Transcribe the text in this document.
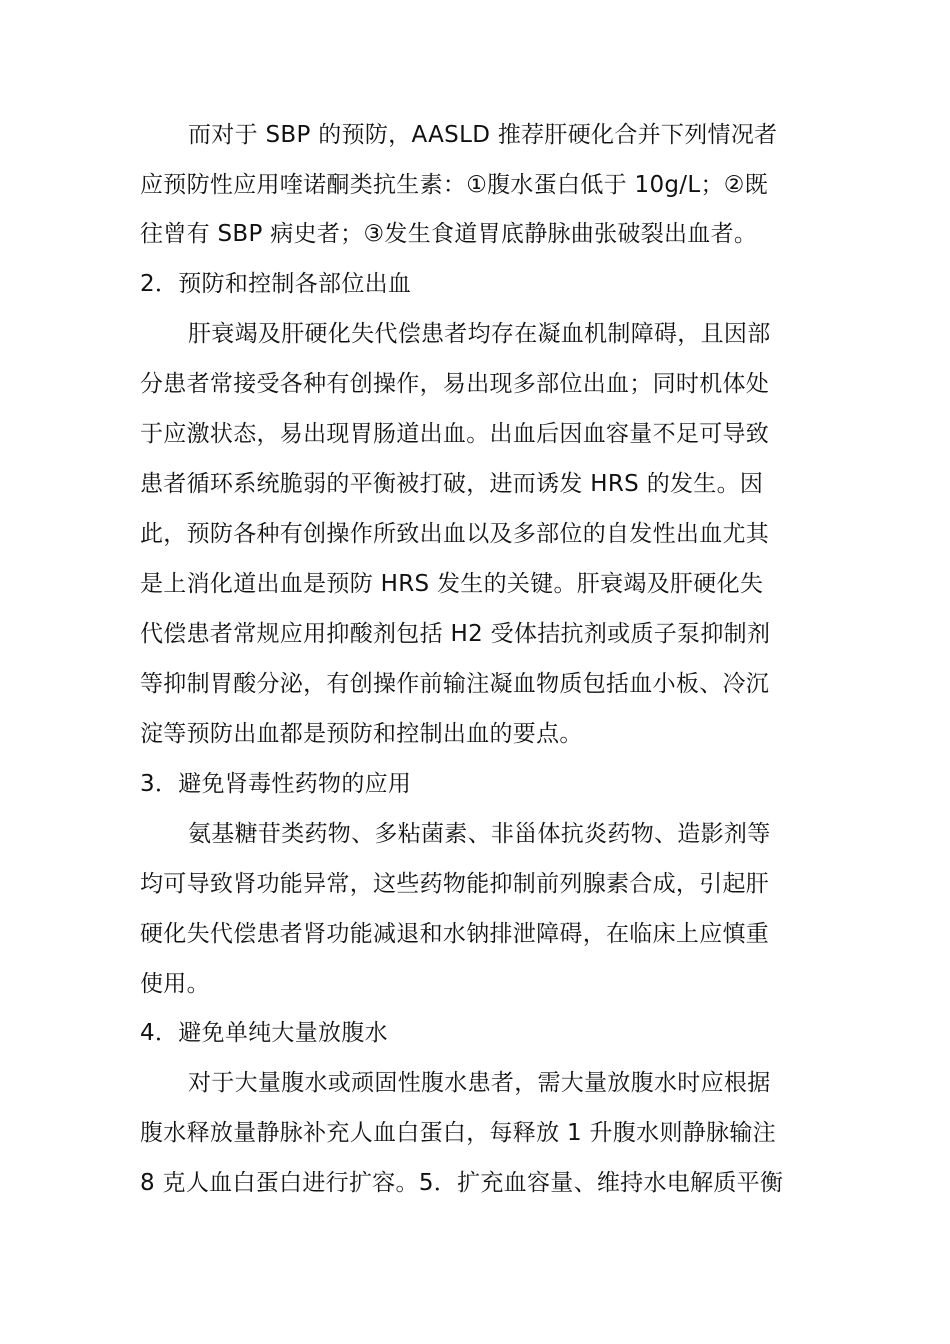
而对于 SBP 的预防，AASLD 推荐肝硬化合并下列情况者
应预防性应用喹诺酮类抗生素：①腹水蛋白低于 10g/L；②既
往曾有 SBP 病史者；③发生食道胃底静脉曲张破裂出血者。
2．预防和控制各部位出血
肝衰竭及肝硬化失代偿患者均存在凝血机制障碍，且因部
分患者常接受各种有创操作，易出现多部位出血；同时机体处
于应激状态，易出现胃肠道出血。出血后因血容量不足可导致
患者循环系统脆弱的平衡被打破，进而诱发 HRS 的发生。因
此，预防各种有创操作所致出血以及多部位的自发性出血尤其
是上消化道出血是预防 HRS 发生的关键。肝衰竭及肝硬化失
代偿患者常规应用抑酸剂包括 H2 受体拮抗剂或质子泵抑制剂
等抑制胃酸分泌，有创操作前输注凝血物质包括血小板、冷沉
淀等预防出血都是预防和控制出血的要点。
3．避免肾毒性药物的应用
氨基糖苷类药物、多粘菌素、非甾体抗炎药物、造影剂等
均可导致肾功能异常，这些药物能抑制前列腺素合成，引起肝
硬化失代偿患者肾功能减退和水钠排泄障碍，在临床上应慎重
使用。
4．避免单纯大量放腹水
对于大量腹水或顽固性腹水患者，需大量放腹水时应根据
腹水释放量静脉补充人血白蛋白，每释放 1 升腹水则静脉输注
8 克人血白蛋白进行扩容。5．扩充血容量、维持水电解质平衡
